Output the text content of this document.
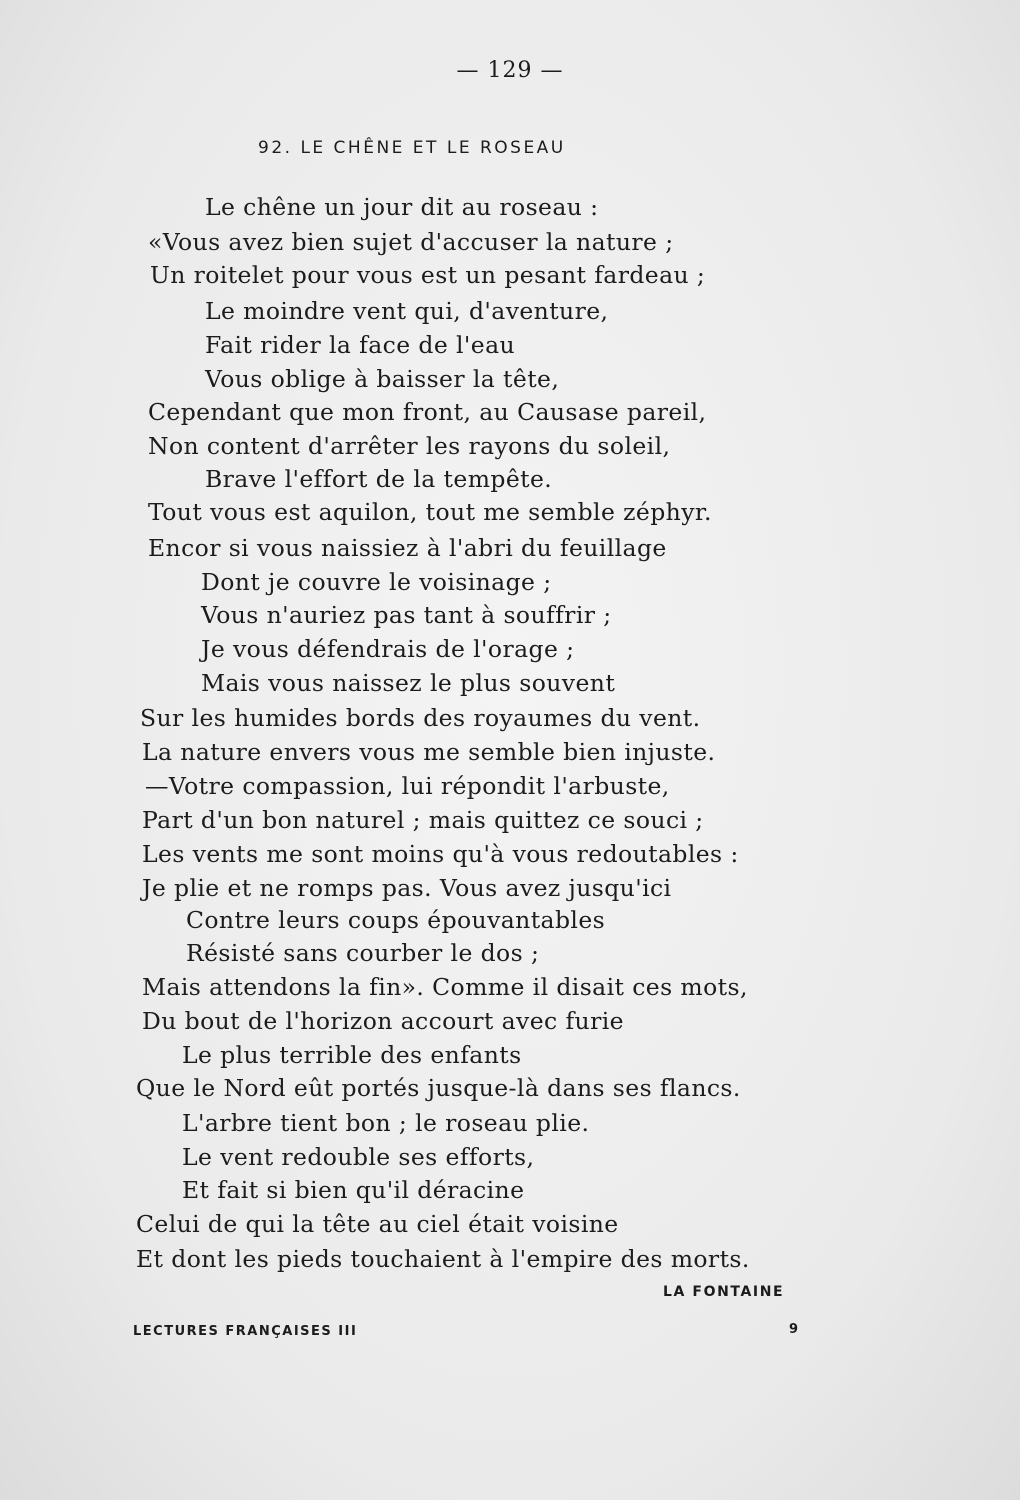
— 129 —
92. LE CHÊNE ET LE ROSEAU
Le chêne un jour dit au roseau :
«Vous avez bien sujet d'accuser la nature ;
Un roitelet pour vous est un pesant fardeau ;
Le moindre vent qui, d'aventure,
Fait rider la face de l'eau
Vous oblige à baisser la tête,
Cependant que mon front, au Causase pareil,
Non content d'arrêter les rayons du soleil,
Brave l'effort de la tempête.
Tout vous est aquilon, tout me semble zéphyr.
Encor si vous naissiez à l'abri du feuillage
Dont je couvre le voisinage ;
Vous n'auriez pas tant à souffrir ;
Je vous défendrais de l'orage ;
Mais vous naissez le plus souvent
Sur les humides bords des royaumes du vent.
La nature envers vous me semble bien injuste.
—Votre compassion, lui répondit l'arbuste,
Part d'un bon naturel ; mais quittez ce souci ;
Les vents me sont moins qu'à vous redoutables :
Je plie et ne romps pas. Vous avez jusqu'ici
Contre leurs coups épouvantables
Résisté sans courber le dos ;
Mais attendons la fin». Comme il disait ces mots,
Du bout de l'horizon accourt avec furie
Le plus terrible des enfants
Que le Nord eût portés jusque-là dans ses flancs.
L'arbre tient bon ; le roseau plie.
Le vent redouble ses efforts,
Et fait si bien qu'il déracine
Celui de qui la tête au ciel était voisine
Et dont les pieds touchaient à l'empire des morts.
LA FONTAINE
LECTURES FRANÇAISES III	9
